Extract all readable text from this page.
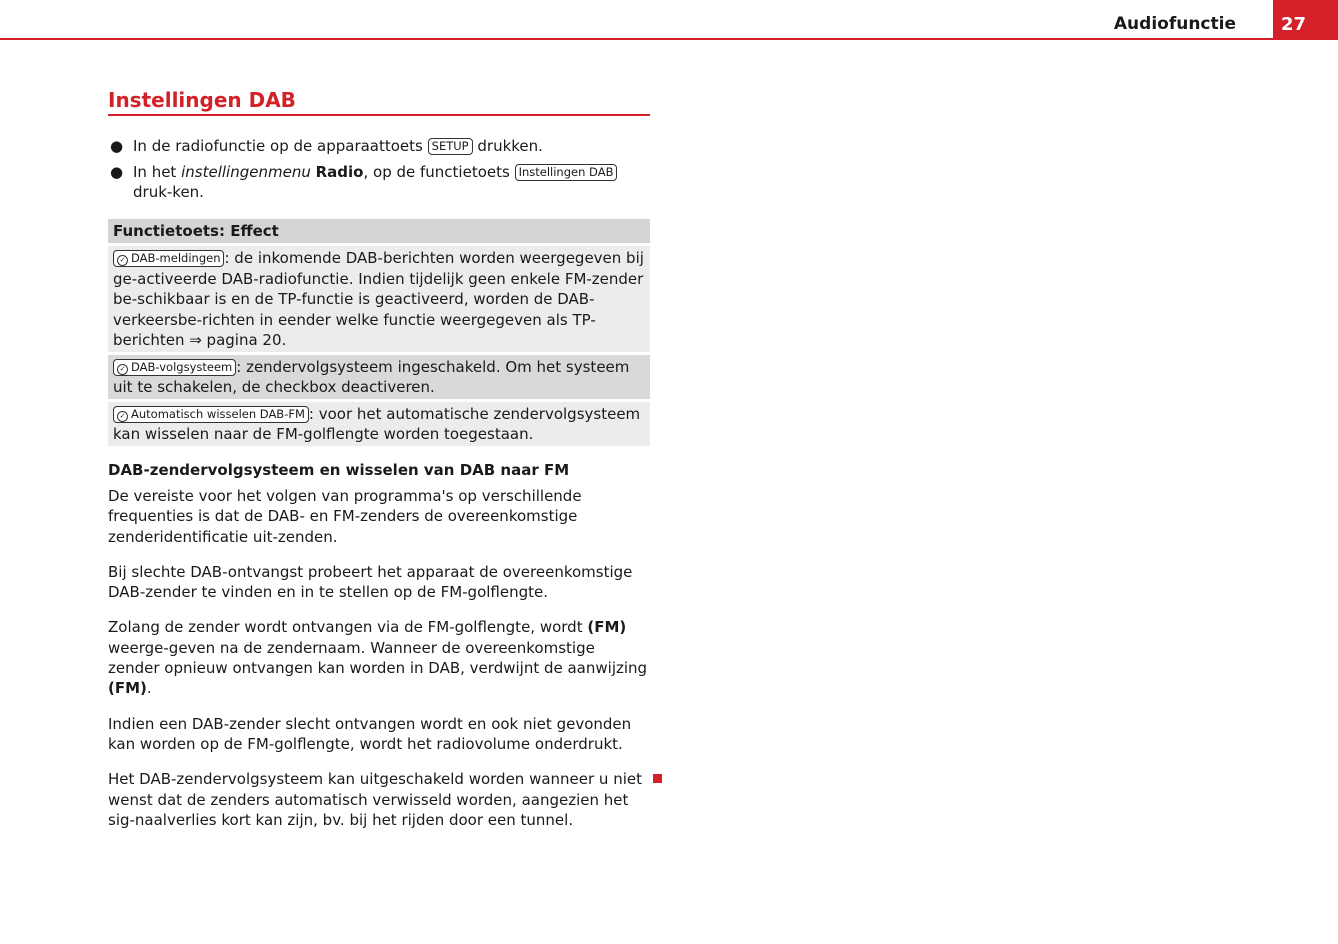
Audiofunctie	27
Instellingen DAB
● In de radiofunctie op de apparaattoets SETUP drukken.
● In het instellingenmenu Radio, op de functietoets Instellingen DAB druk-ken.
Functietoets: Effect
✓ DAB-meldingen : de inkomende DAB-berichten worden weergegeven bij ge-activeerde DAB-radiofunctie. Indien tijdelijk geen enkele FM-zender be-schikbaar is en de TP-functie is geactiveerd, worden de DAB-verkeersbe-richten in eender welke functie weergegeven als TP-berichten ⇒ pagina 20.
✓ DAB-volgsysteem : zendervolgsysteem ingeschakeld. Om het systeem uit te schakelen, de checkbox deactiveren.
✓ Automatisch wisselen DAB-FM : voor het automatische zendervolgsysteem kan wisselen naar de FM-golflengte worden toegestaan.
DAB-zendervolgsysteem en wisselen van DAB naar FM
De vereiste voor het volgen van programma's op verschillende frequenties is dat de DAB- en FM-zenders de overeenkomstige zenderidentificatie uit-zenden.
Bij slechte DAB-ontvangst probeert het apparaat de overeenkomstige DAB-zender te vinden en in te stellen op de FM-golflengte.
Zolang de zender wordt ontvangen via de FM-golflengte, wordt (FM) weerge-geven na de zendernaam. Wanneer de overeenkomstige zender opnieuw ontvangen kan worden in DAB, verdwijnt de aanwijzing (FM).
Indien een DAB-zender slecht ontvangen wordt en ook niet gevonden kan worden op de FM-golflengte, wordt het radiovolume onderdrukt.
Het DAB-zendervolgsysteem kan uitgeschakeld worden wanneer u niet wenst dat de zenders automatisch verwisseld worden, aangezien het sig-naalverlies kort kan zijn, bv. bij het rijden door een tunnel.
